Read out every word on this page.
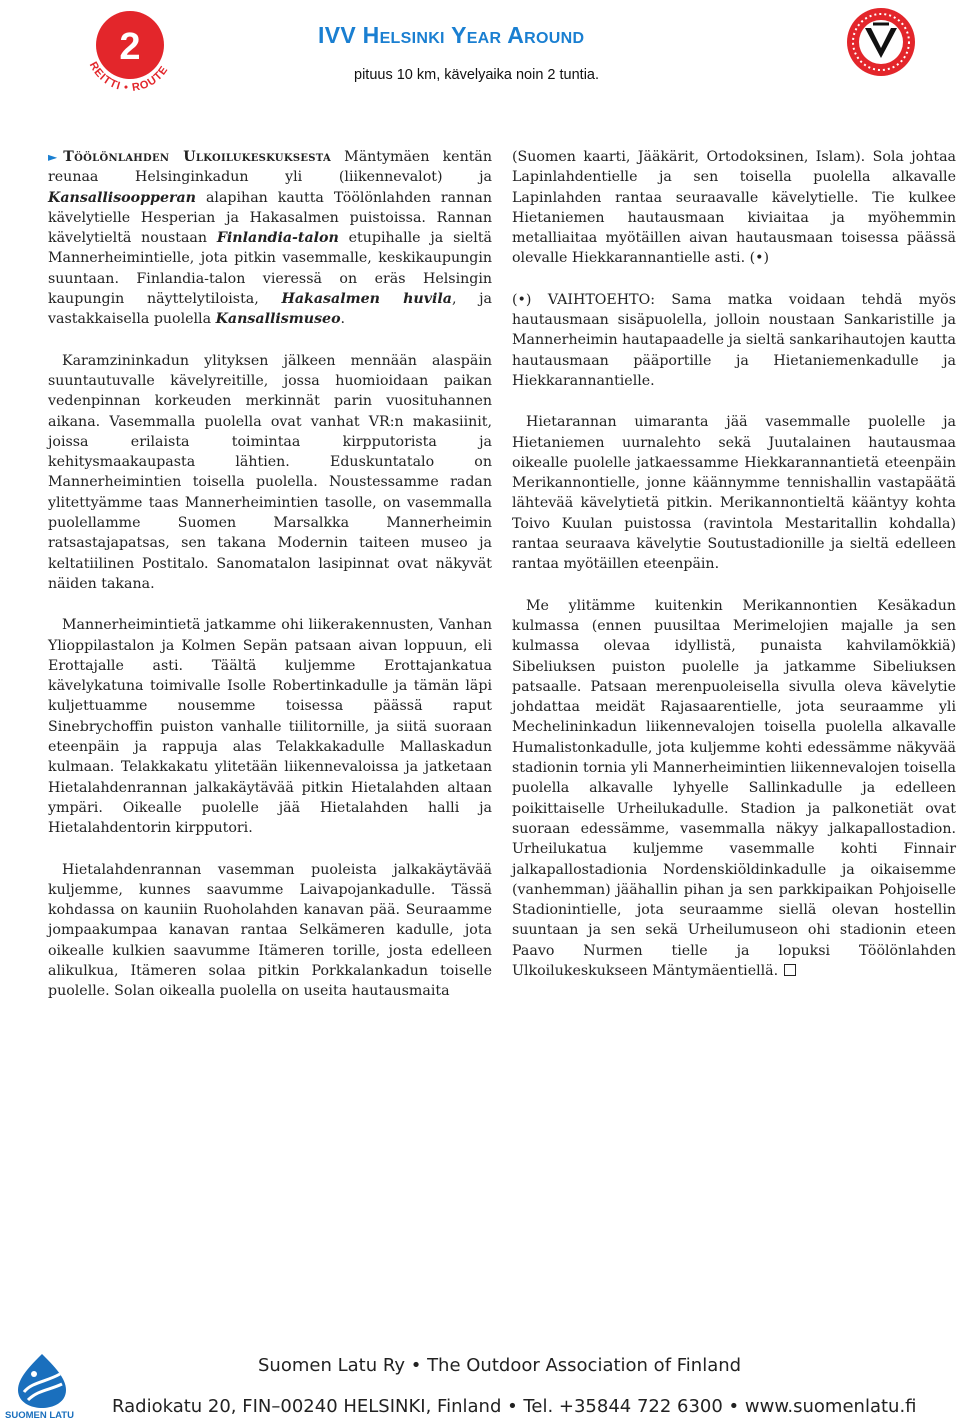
2
REITTI • ROUTE
IVV Helsinki Year Around
pituus 10 km, kävelyaika noin 2 tuntia.

► Töölönlahden Ulkoilukeskuksesta Mäntymäen kentän reunaa Helsinginkadun yli (liikennevalot) ja Kansallisoopperan alapihan kautta Töölönlahden rannan kävelytielle Hesperian ja Hakasalmen puistoissa. Rannan kävelytieltä noustaan Finlandia-talon etupihalle ja sieltä Mannerheimintielle, jota pitkin vasemmalle, keskikaupungin suuntaan. Finlandia-talon vieressä on eräs Helsingin kaupungin näyttelytiloista, Hakasalmen huvila, ja vastakkaisella puolella Kansallismuseo.

Karamzininkadun ylityksen jälkeen mennään alaspäin suuntautuvalle kävelyreitille, jossa huomioidaan paikan vedenpinnan korkeuden merkinnät parin vuosituhannen aikana. Vasemmalla puolella ovat vanhat VR:n makasiinit, joissa erilaista toimintaa kirpputorista ja kehitysmaakaupasta lähtien. Eduskuntatalo on Mannerheimintien toisella puolella. Noustessamme radan ylitettyämme taas Mannerheimintien tasolle, on vasemmalla puolellamme Suomen Marsalkka Mannerheimin ratsastajapatsas, sen takana Modernin taiteen museo ja keltatiilinen Postitalo. Sanomatalon lasipinnat ovat näkyvät näiden takana.

Mannerheimintietä jatkamme ohi liikerakennusten, Vanhan Ylioppilastalon ja Kolmen Sepän patsaan aivan loppuun, eli Erottajalle asti. Täältä kuljemme Erottajankatua kävelykatuna toimivalle Isolle Robertinkadulle ja tämän läpi kuljettuamme nousemme toisessa päässä raput Sinebrychoffin puiston vanhalle tiilitornille, ja siitä suoraan eteenpäin ja rappuja alas Telakkakadulle Mallaskadun kulmaan. Telakkakatu ylitetään liikennevaloissa ja jatketaan Hietalahdenrannan jalkakäytävää pitkin Hietalahden altaan ympäri. Oikealle puolelle jää Hietalahden halli ja Hietalahdentorin kirpputori.

Hietalahdenrannan vasemman puoleista jalkakäytävää kuljemme, kunnes saavumme Laivapojankadulle. Tässä kohdassa on kauniin Ruoholahden kanavan pää. Seuraamme jompaakumpaa kanavan rantaa Selkämeren kadulle, jota oikealle kulkien saavumme Itämeren torille, josta edelleen alikulkua, Itämeren solaa pitkin Porkkalankadun toiselle puolelle. Solan oikealla puolella on useita hautausmaita

(Suomen kaarti, Jääkärit, Ortodoksinen, Islam). Sola johtaa Lapinlahdentielle ja sen toisella puolella alkavalle Lapinlahden rantaa seuraavalle kävelytielle. Tie kulkee Hietaniemen hautausmaan kiviaitaa ja myöhemmin metalliaitaa myötäillen aivan hautausmaan toisessa päässä olevalle Hiekkarannantielle asti. (•)

(•) VAIHTOEHTO: Sama matka voidaan tehdä myös hautausmaan sisäpuolella, jolloin noustaan Sankaristille ja Mannerheimin hautapaadelle ja sieltä sankarihautojen kautta hautausmaan pääportille ja Hietaniemenkadulle ja Hiekkarannantielle.

Hietarannan uimaranta jää vasemmalle puolelle ja Hietaniemen uurnalehto sekä Juutalainen hautausmaa oikealle puolelle jatkaessamme Hiekkarannantietä eteenpäin Merikannontielle, jonne käännymme tennishallin vastapäätä lähtevää kävelytietä pitkin. Merikannontieltä kääntyy kohta Toivo Kuulan puistossa (ravintola Mestaritallin kohdalla) rantaa seuraava kävelytie Soutustadionille ja sieltä edelleen rantaa myötäillen eteenpäin.

Me ylitämme kuitenkin Merikannontien Kesäkadun kulmassa (ennen puusiltaa Merimelojien majalle ja sen kulmassa olevaa idyllistä, punaista kahvilamökkiä) Sibeliuksen puiston puolelle ja jatkamme Sibeliuksen patsaalle. Patsaan merenpuoleisella sivulla oleva kävelytie johdattaa meidät Rajasaarentielle, jota seuraamme yli Mechelininkadun liikennevalojen toisella puolella alkavalle Humalistonkadulle, jota kuljemme kohti edessämme näkyvää stadionin tornia yli Mannerheimintien liikennevalojen toisella puolella alkavalle lyhyelle Sallinkadulle ja edelleen poikittaiselle Urheilukadulle. Stadion ja palkonetiät ovat suoraan edessämme, vasemmalla näkyy jalkapallostadion. Urheilukatua kuljemme vasemmalle kohti Finnair jalkapallostadionia Nordenskiöldinkadulle ja oikaisemme (vanhemman) jäähallin pihan ja sen parkkipaikan Pohjoiselle Stadionintielle, jota seuraamme siellä olevan hostellin suuntaan ja sen sekä Urheilumuseon ohi stadionin eteen Paavo Nurmen tielle ja lopuksi Töölönlahden Ulkoilukeskukseen Mäntymäentiellä.

SUOMEN LATU
Suomen Latu Ry • The Outdoor Association of Finland
Radiokatu 20, FIN–00240 HELSINKI, Finland • Tel. +35844 722 6300 • www.suomenlatu.fi
